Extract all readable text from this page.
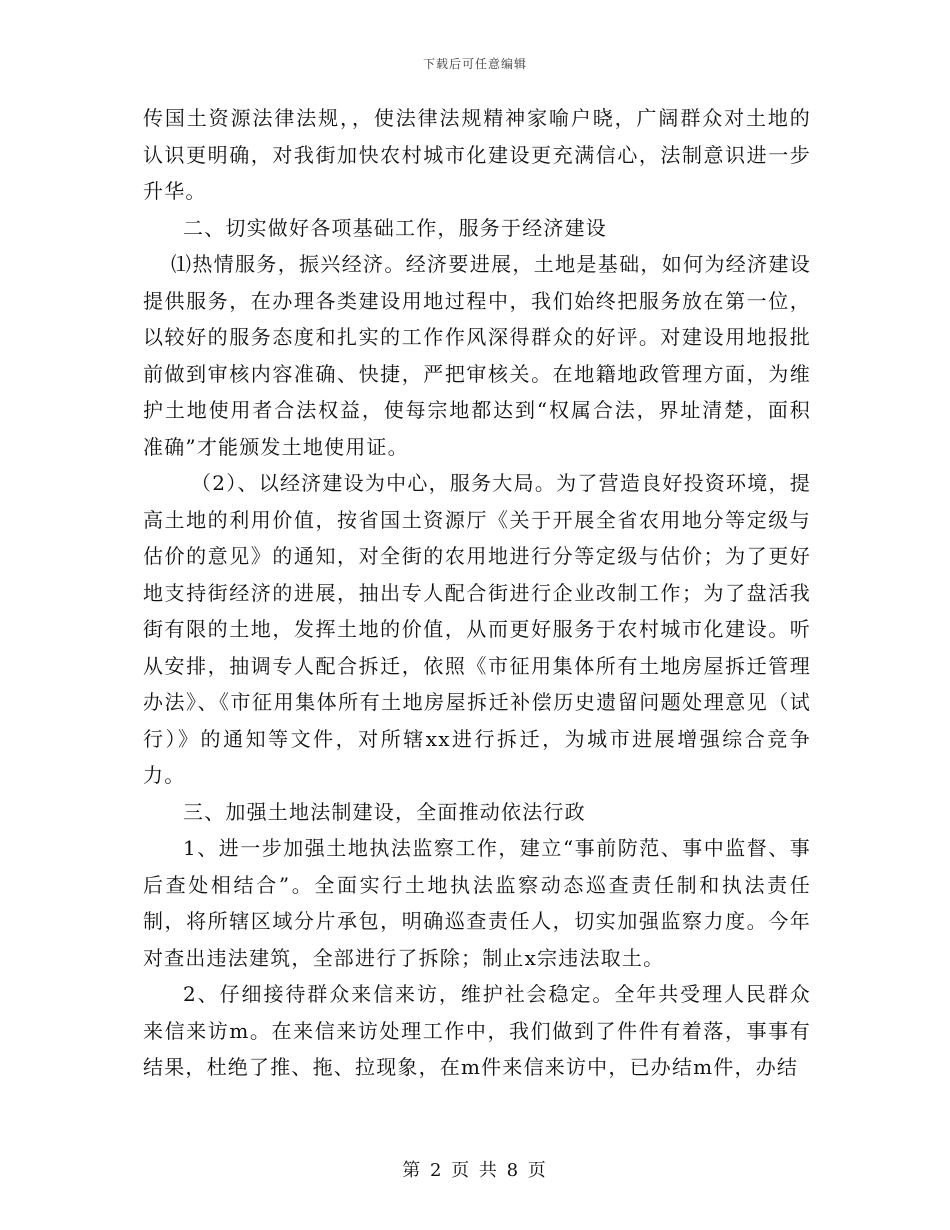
下载后可任意编辑

传国土资源法律法规，，使法律法规精神家喻户晓，广阔群众对土地的认识更明确，对我街加快农村城市化建设更充满信心，法制意识进一步升华。

二、切实做好各项基础工作，服务于经济建设

⑴热情服务，振兴经济。经济要进展，土地是基础，如何为经济建设提供服务，在办理各类建设用地过程中，我们始终把服务放在第一位，以较好的服务态度和扎实的工作作风深得群众的好评。对建设用地报批前做到审核内容准确、快捷，严把审核关。在地籍地政管理方面，为维护土地使用者合法权益，使每宗地都达到“权属合法，界址清楚，面积准确”才能颁发土地使用证。

（2）、以经济建设为中心，服务大局。为了营造良好投资环境，提高土地的利用价值，按省国土资源厅《关于开展全省农用地分等定级与估价的意见》的通知，对全街的农用地进行分等定级与估价；为了更好地支持街经济的进展，抽出专人配合街进行企业改制工作；为了盘活我街有限的土地，发挥土地的价值，从而更好服务于农村城市化建设。听从安排，抽调专人配合拆迁，依照《市征用集体所有土地房屋拆迁管理办法》、《市征用集体所有土地房屋拆迁补偿历史遗留问题处理意见（试行）》的通知等文件，对所辖xx进行拆迁，为城市进展增强综合竞争力。

三、加强土地法制建设，全面推动依法行政

1、进一步加强土地执法监察工作，建立“事前防范、事中监督、事后查处相结合”。全面实行土地执法监察动态巡查责任制和执法责任制，将所辖区域分片承包，明确巡查责任人，切实加强监察力度。今年对查出违法建筑，全部进行了拆除；制止x宗违法取土。

2、仔细接待群众来信来访，维护社会稳定。全年共受理人民群众来信来访m。在来信来访处理工作中，我们做到了件件有着落，事事有结果，杜绝了推、拖、拉现象，在m件来信来访中，已办结m件，办结

第 2 页 共 8 页
